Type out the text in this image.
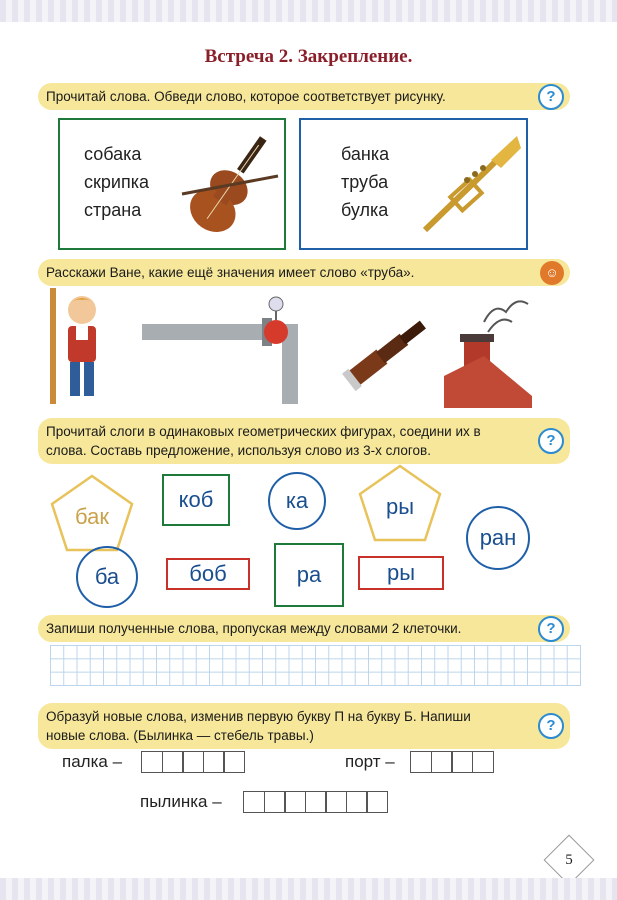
Встреча 2. Закрепление.
Прочитай слова. Обведи слово, которое соответствует рисунку.	?
собака
скрипка
страна
банка
труба
булка
Расскажи Ване, какие ещё значения имеет слово «труба».	☺
Прочитай слоги в одинаковых геометрических фигурах, соедини их в
слова. Составь предложение, используя слово из 3-х слогов.
?
бак
коб	ка	ры
ран
ба	боб	ра	ры
Запиши полученные слова, пропуская между словами 2 клеточки.	?
Образуй новые слова, изменив первую букву П на букву Б. Напиши
новые слова. (Былинка — стебель травы.)
?
палка –	порт –
пылинка –
5
